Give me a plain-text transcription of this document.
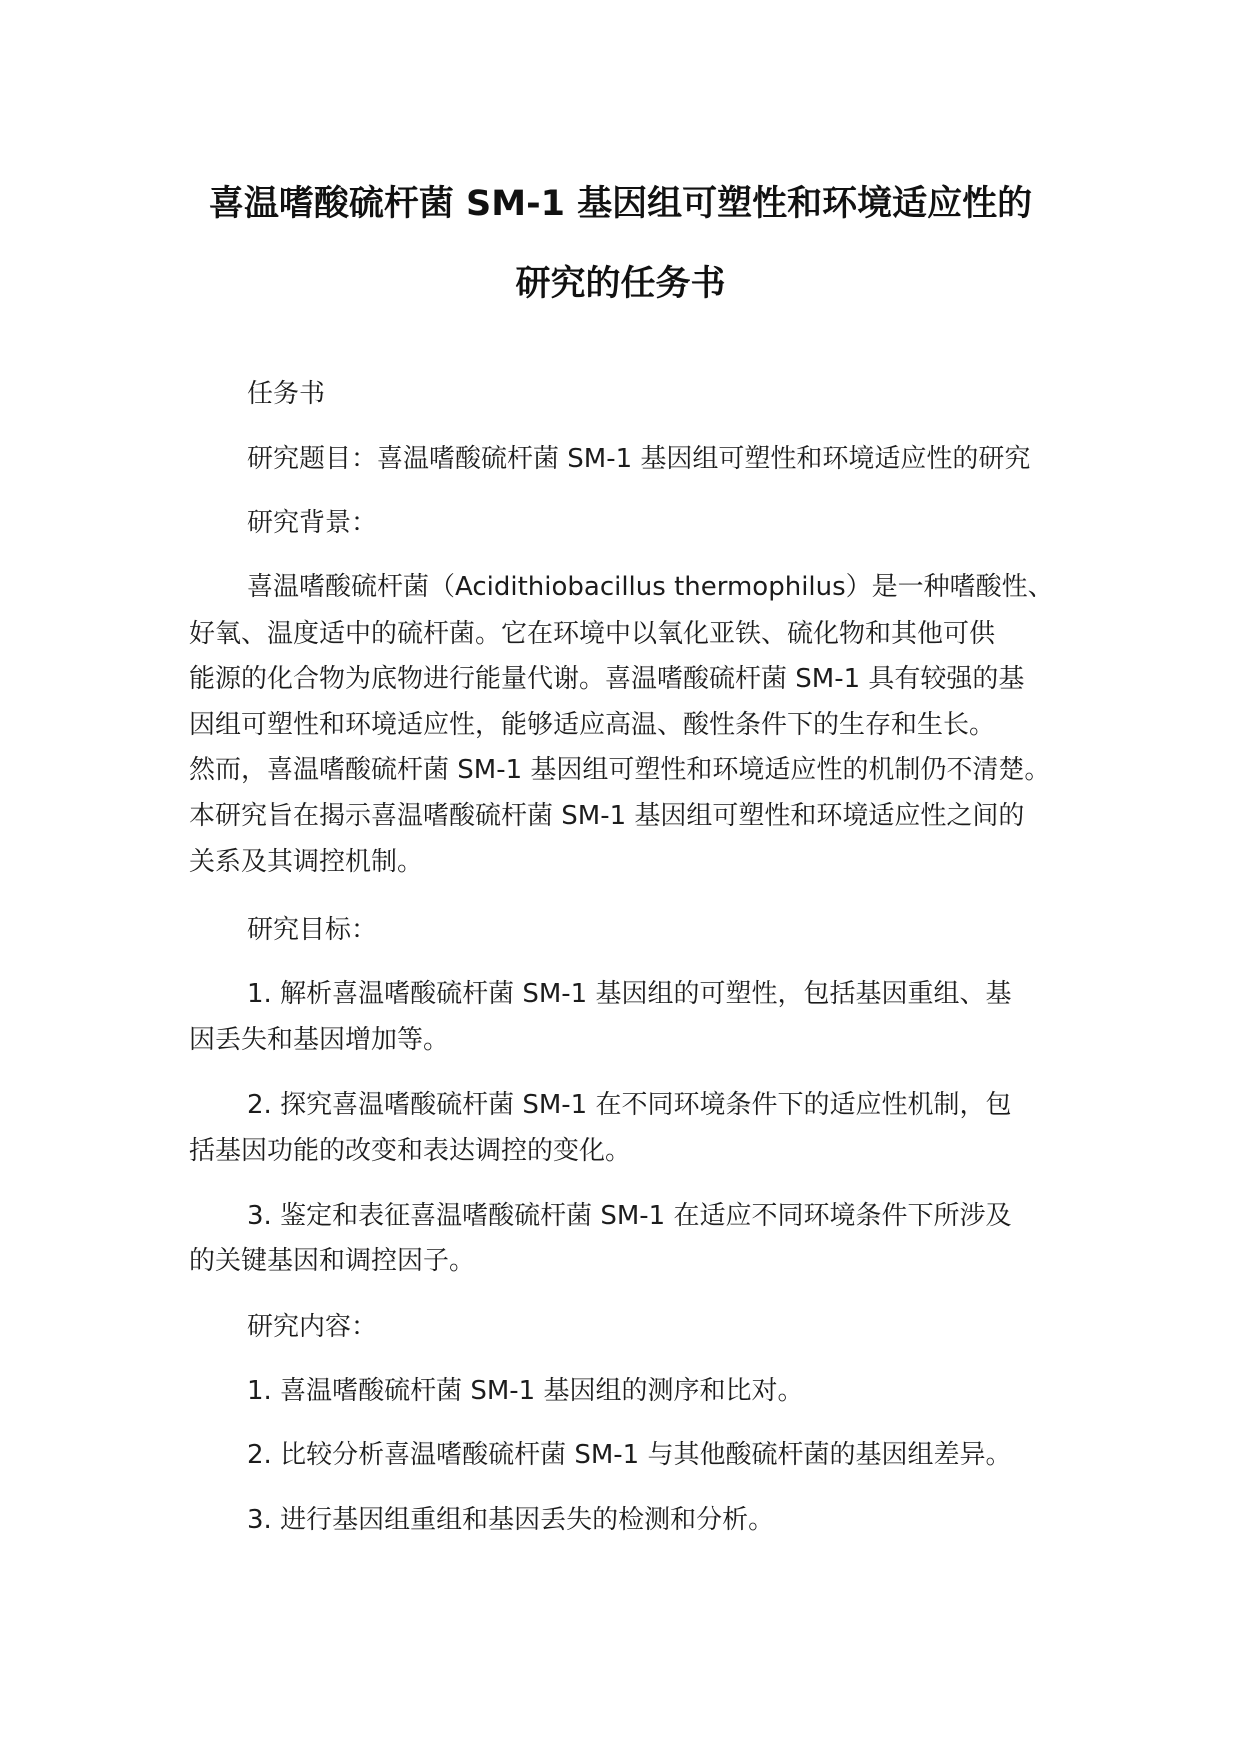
喜温嗜酸硫杆菌 SM-1 基因组可塑性和环境适应性的
研究的任务书
任务书
研究题目：喜温嗜酸硫杆菌 SM-1 基因组可塑性和环境适应性的研究
研究背景：
喜温嗜酸硫杆菌（Acidithiobacillus thermophilus）是一种嗜酸性、
好氧、温度适中的硫杆菌。它在环境中以氧化亚铁、硫化物和其他可供
能源的化合物为底物进行能量代谢。喜温嗜酸硫杆菌 SM-1 具有较强的基
因组可塑性和环境适应性，能够适应高温、酸性条件下的生存和生长。
然而，喜温嗜酸硫杆菌 SM-1 基因组可塑性和环境适应性的机制仍不清楚。
本研究旨在揭示喜温嗜酸硫杆菌 SM-1 基因组可塑性和环境适应性之间的
关系及其调控机制。
研究目标：
1. 解析喜温嗜酸硫杆菌 SM-1 基因组的可塑性，包括基因重组、基
因丢失和基因增加等。
2. 探究喜温嗜酸硫杆菌 SM-1 在不同环境条件下的适应性机制，包
括基因功能的改变和表达调控的变化。
3. 鉴定和表征喜温嗜酸硫杆菌 SM-1 在适应不同环境条件下所涉及
的关键基因和调控因子。
研究内容：
1. 喜温嗜酸硫杆菌 SM-1 基因组的测序和比对。
2. 比较分析喜温嗜酸硫杆菌 SM-1 与其他酸硫杆菌的基因组差异。
3. 进行基因组重组和基因丢失的检测和分析。
